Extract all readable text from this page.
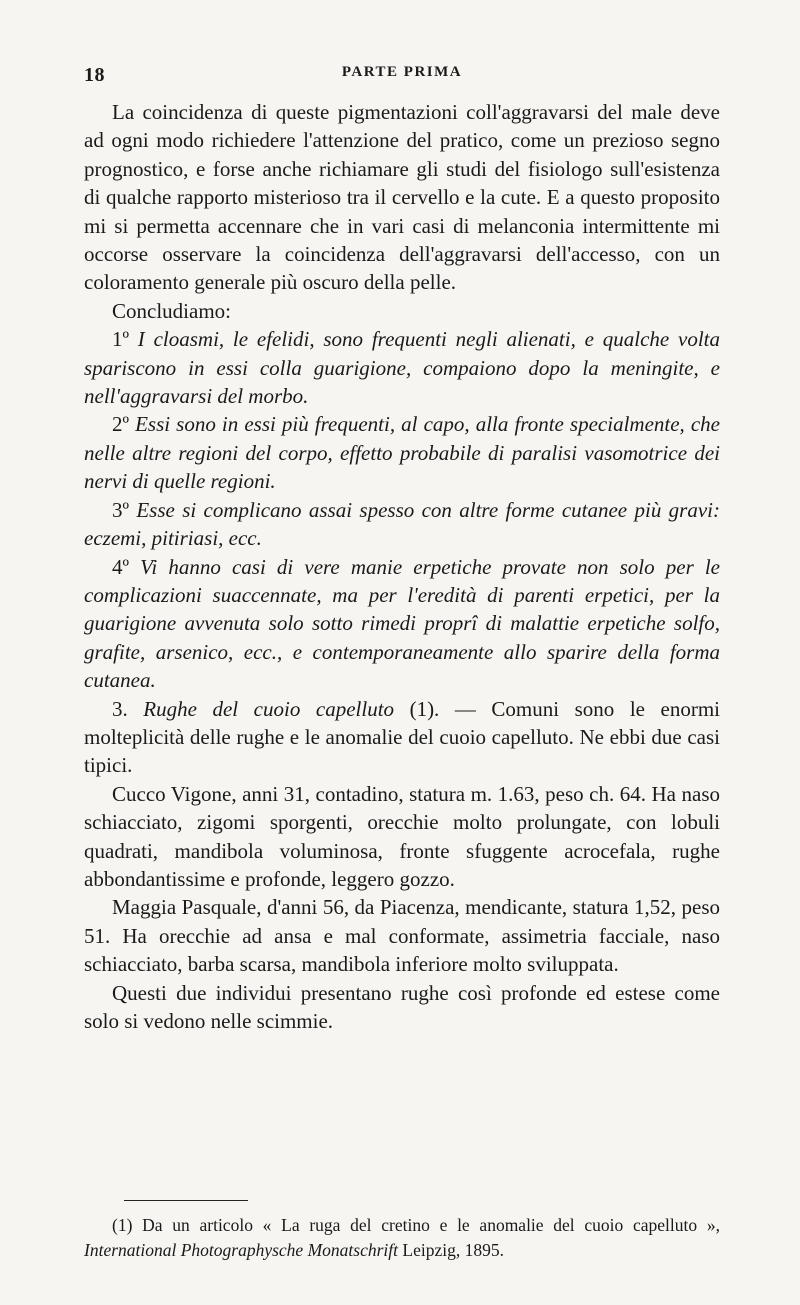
18	PARTE PRIMA

La coincidenza di queste pigmentazioni coll'aggravarsi del male deve ad ogni modo richiedere l'attenzione del pratico, come un prezioso segno prognostico, e forse anche richiamare gli studi del fisiologo sull'esistenza di qualche rapporto misterioso tra il cervello e la cute. E a questo proposito mi si permetta accennare che in vari casi di melanconia intermittente mi occorse osservare la coincidenza dell'aggravarsi dell'accesso, con un coloramento generale più oscuro della pelle.

Concludiamo:

1º I cloasmi, le efelidi, sono frequenti negli alienati, e qualche volta spariscono in essi colla guarigione, compaiono dopo la meningite, e nell'aggravarsi del morbo.

2º Essi sono in essi più frequenti, al capo, alla fronte specialmente, che nelle altre regioni del corpo, effetto probabile di paralisi vasomotrice dei nervi di quelle regioni.

3º Esse si complicano assai spesso con altre forme cutanee più gravi: eczemi, pitiriasi, ecc.

4º Vi hanno casi di vere manie erpetiche provate non solo per le complicazioni suaccennate, ma per l'eredità di parenti erpetici, per la guarigione avvenuta solo sotto rimedi proprî di malattie erpetiche solfo, grafite, arsenico, ecc., e contemporaneamente allo sparire della forma cutanea.

3. Rughe del cuoio capelluto (1). — Comuni sono le enormi molteplicità delle rughe e le anomalie del cuoio capelluto. Ne ebbi due casi tipici.

Cucco Vigone, anni 31, contadino, statura m. 1.63, peso ch. 64. Ha naso schiacciato, zigomi sporgenti, orecchie molto prolungate, con lobuli quadrati, mandibola voluminosa, fronte sfuggente acrocefala, rughe abbondantissime e profonde, leggero gozzo.

Maggia Pasquale, d'anni 56, da Piacenza, mendicante, statura 1,52, peso 51. Ha orecchie ad ansa e mal conformate, assimetria facciale, naso schiacciato, barba scarsa, mandibola inferiore molto sviluppata.

Questi due individui presentano rughe così profonde ed estese come solo si vedono nelle scimmie.

(1) Da un articolo « La ruga del cretino e le anomalie del cuoio capelluto », International Photographysche Monatschrift Leipzig, 1895.
